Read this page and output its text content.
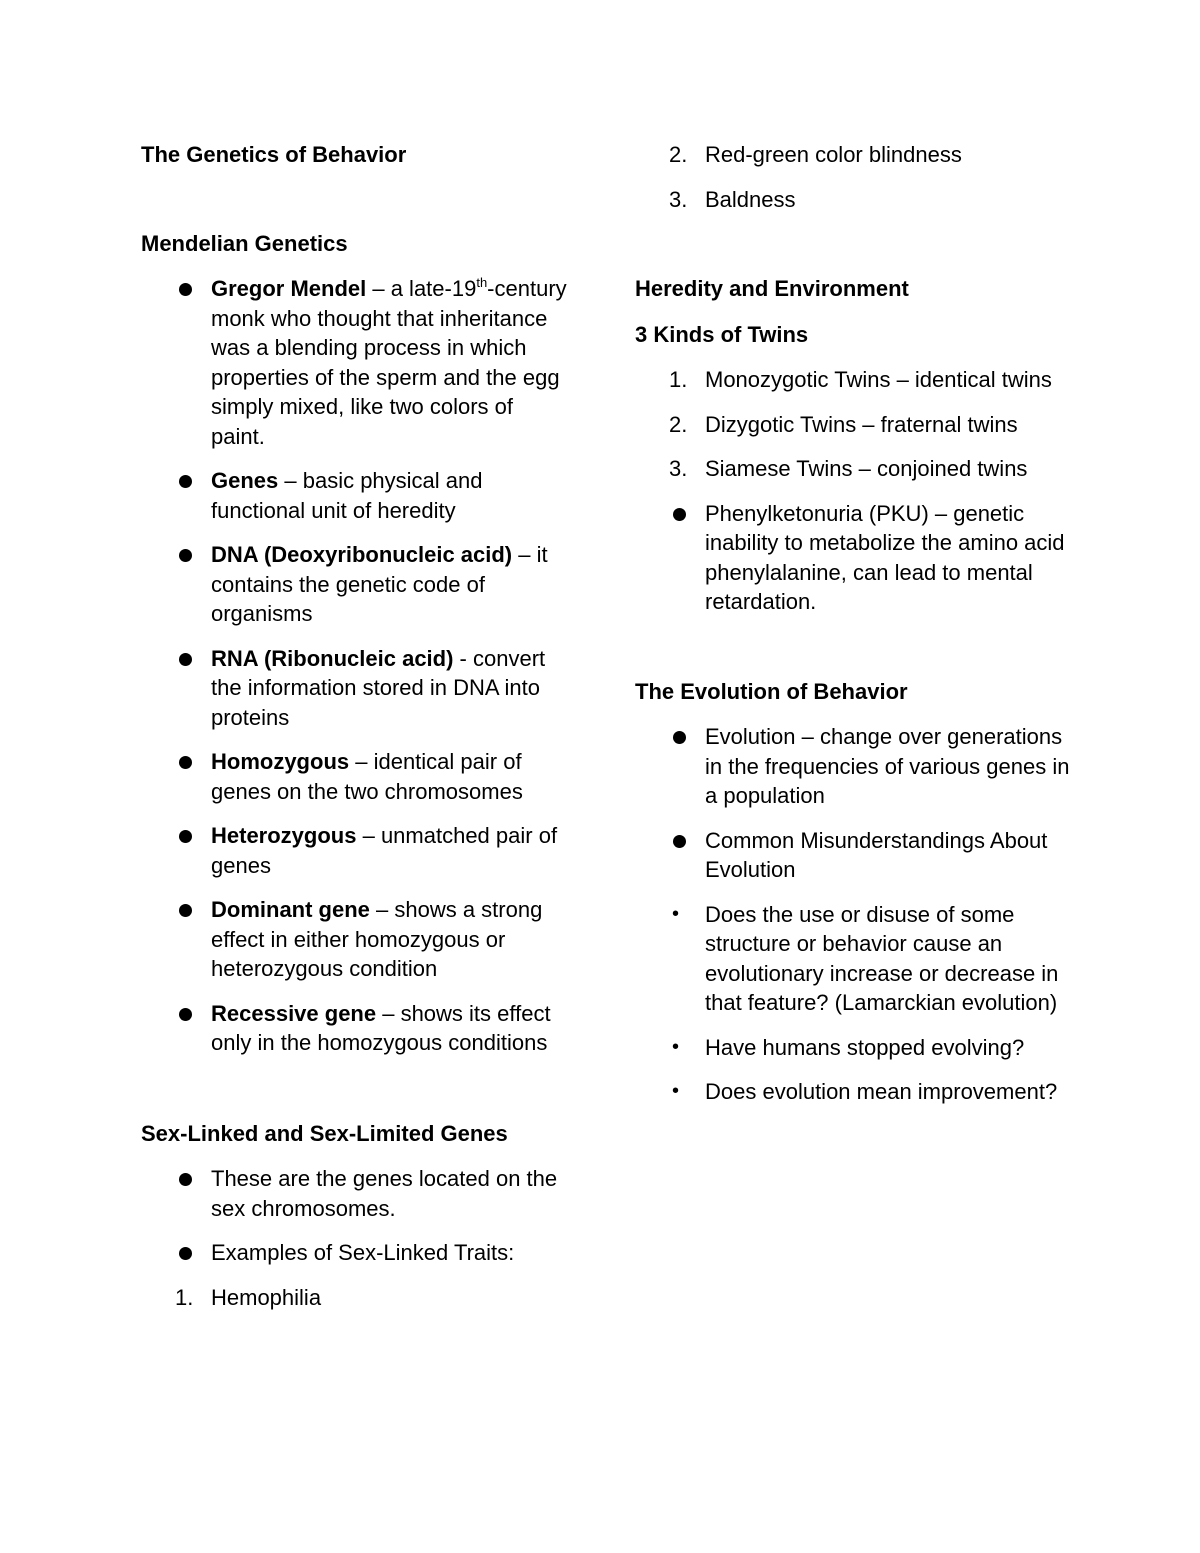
The Genetics of Behavior
Mendelian Genetics
Gregor Mendel – a late-19th-century monk who thought that inheritance was a blending process in which properties of the sperm and the egg simply mixed, like two colors of paint.
Genes – basic physical and functional unit of heredity
DNA (Deoxyribonucleic acid) – it contains the genetic code of organisms
RNA (Ribonucleic acid) - convert the information stored in DNA into proteins
Homozygous – identical pair of genes on the two chromosomes
Heterozygous – unmatched pair of genes
Dominant gene – shows a strong effect in either homozygous or heterozygous condition
Recessive gene – shows its effect only in the homozygous conditions
Sex-Linked and Sex-Limited Genes
These are the genes located on the sex chromosomes.
Examples of Sex-Linked Traits:
1. Hemophilia
2. Red-green color blindness
3. Baldness
Heredity and Environment
3 Kinds of Twins
1. Monozygotic Twins – identical twins
2. Dizygotic Twins – fraternal twins
3. Siamese Twins – conjoined twins
Phenylketonuria (PKU) – genetic inability to metabolize the amino acid phenylalanine, can lead to mental retardation.
The Evolution of Behavior
Evolution – change over generations in the frequencies of various genes in a population
Common Misunderstandings About Evolution
• Does the use or disuse of some structure or behavior cause an evolutionary increase or decrease in that feature? (Lamarckian evolution)
• Have humans stopped evolving?
• Does evolution mean improvement?
